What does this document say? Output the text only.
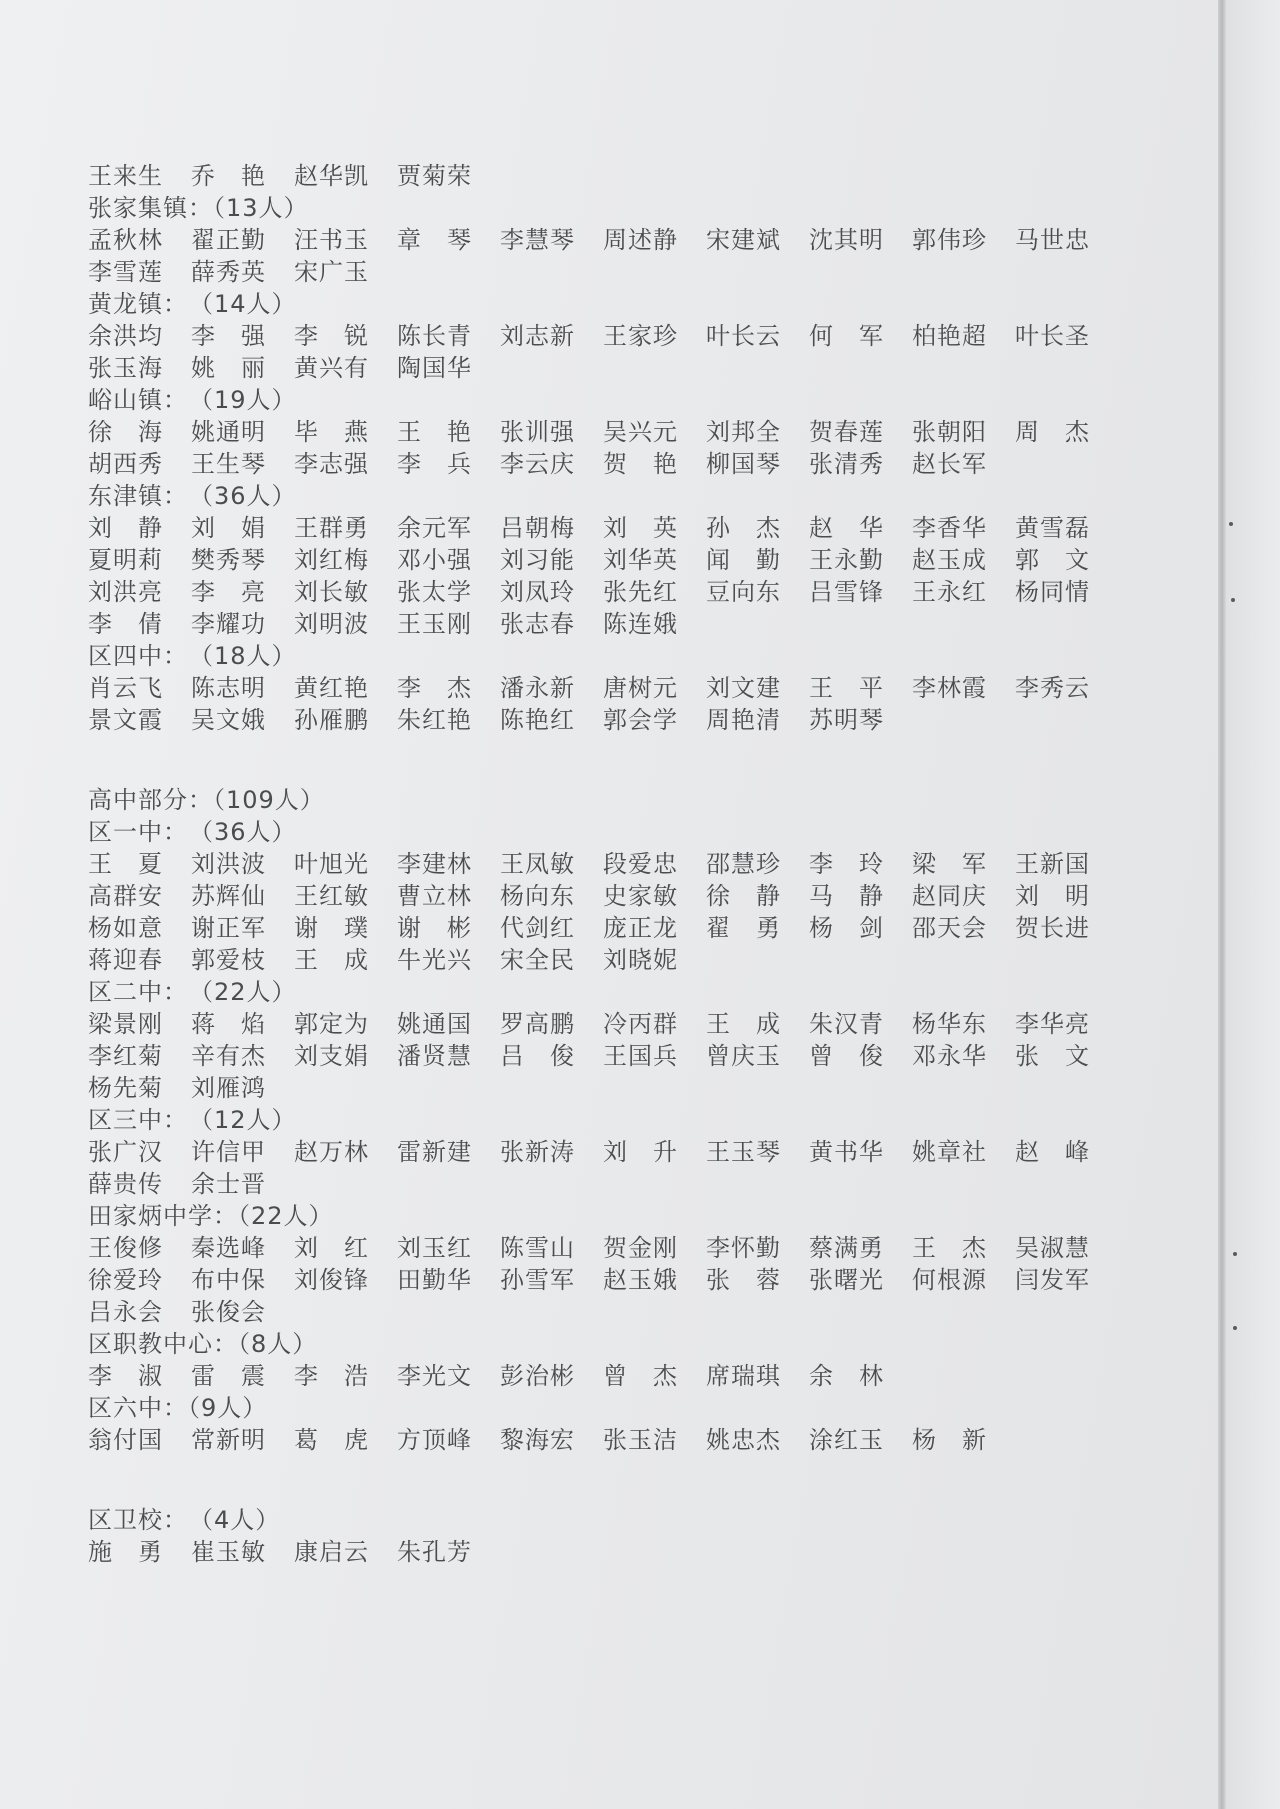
王来生	乔　艳	赵华凯	贾菊荣
张家集镇：（13人）
孟秋林	翟正勤	汪书玉	章　琴	李慧琴	周述静	宋建斌	沈其明	郭伟珍	马世忠
李雪莲	薛秀英	宋广玉
黄龙镇：　（14人）
余洪均	李　强	李　锐	陈长青	刘志新	王家珍	叶长云	何　军	柏艳超	叶长圣
张玉海	姚　丽	黄兴有	陶国华
峪山镇：　（19人）
徐　海	姚通明	毕　燕	王　艳	张训强	吴兴元	刘邦全	贺春莲	张朝阳	周　杰
胡西秀	王生琴	李志强	李　兵	李云庆	贺　艳	柳国琴	张清秀	赵长军
东津镇：　（36人）
刘　静	刘　娟	王群勇	余元军	吕朝梅	刘　英	孙　杰	赵　华	李香华	黄雪磊
夏明莉	樊秀琴	刘红梅	邓小强	刘习能	刘华英	闻　勤	王永勤	赵玉成	郭　文
刘洪亮	李　亮	刘长敏	张太学	刘凤玲	张先红	豆向东	吕雪锋	王永红	杨同情
李　倩	李耀功	刘明波	王玉刚	张志春	陈连娥
区四中：　（18人）
肖云飞	陈志明	黄红艳	李　杰	潘永新	唐树元	刘文建	王　平	李林霞	李秀云
景文霞	吴文娥	孙雁鹏	朱红艳	陈艳红	郭会学	周艳清	苏明琴
高中部分：（109人）
区一中：　（36人）
王　夏	刘洪波	叶旭光	李建林	王凤敏	段爱忠	邵慧珍	李　玲	梁　军	王新国
高群安	苏辉仙	王红敏	曹立林	杨向东	史家敏	徐　静	马　静	赵同庆	刘　明
杨如意	谢正军	谢　璞	谢　彬	代剑红	庞正龙	翟　勇	杨　剑	邵天会	贺长进
蒋迎春	郭爱枝	王　成	牛光兴	宋全民	刘晓妮
区二中：　（22人）
梁景刚	蒋　焰	郭定为	姚通国	罗高鹏	冷丙群	王　成	朱汉青	杨华东	李华亮
李红菊	辛有杰	刘支娟	潘贤慧	吕　俊	王国兵	曾庆玉	曾　俊	邓永华	张　文
杨先菊	刘雁鸿
区三中：　（12人）
张广汉	许信甲	赵万林	雷新建	张新涛	刘　升	王玉琴	黄书华	姚章社	赵　峰
薛贵传	余士晋
田家炳中学：（22人）
王俊修	秦选峰	刘　红	刘玉红	陈雪山	贺金刚	李怀勤	蔡满勇	王　杰	吴淑慧
徐爱玲	布中保	刘俊锋	田勤华	孙雪军	赵玉娥	张　蓉	张曙光	何根源	闫发军
吕永会	张俊会
区职教中心：（8人）
李　淑	雷　震	李　浩	李光文	彭治彬	曾　杰	席瑞琪	余　林
区六中：（9人）
翁付国	常新明	葛　虎	方顶峰	黎海宏	张玉洁	姚忠杰	涂红玉	杨　新
区卫校：　（4人）
施　勇	崔玉敏	康启云	朱孔芳
